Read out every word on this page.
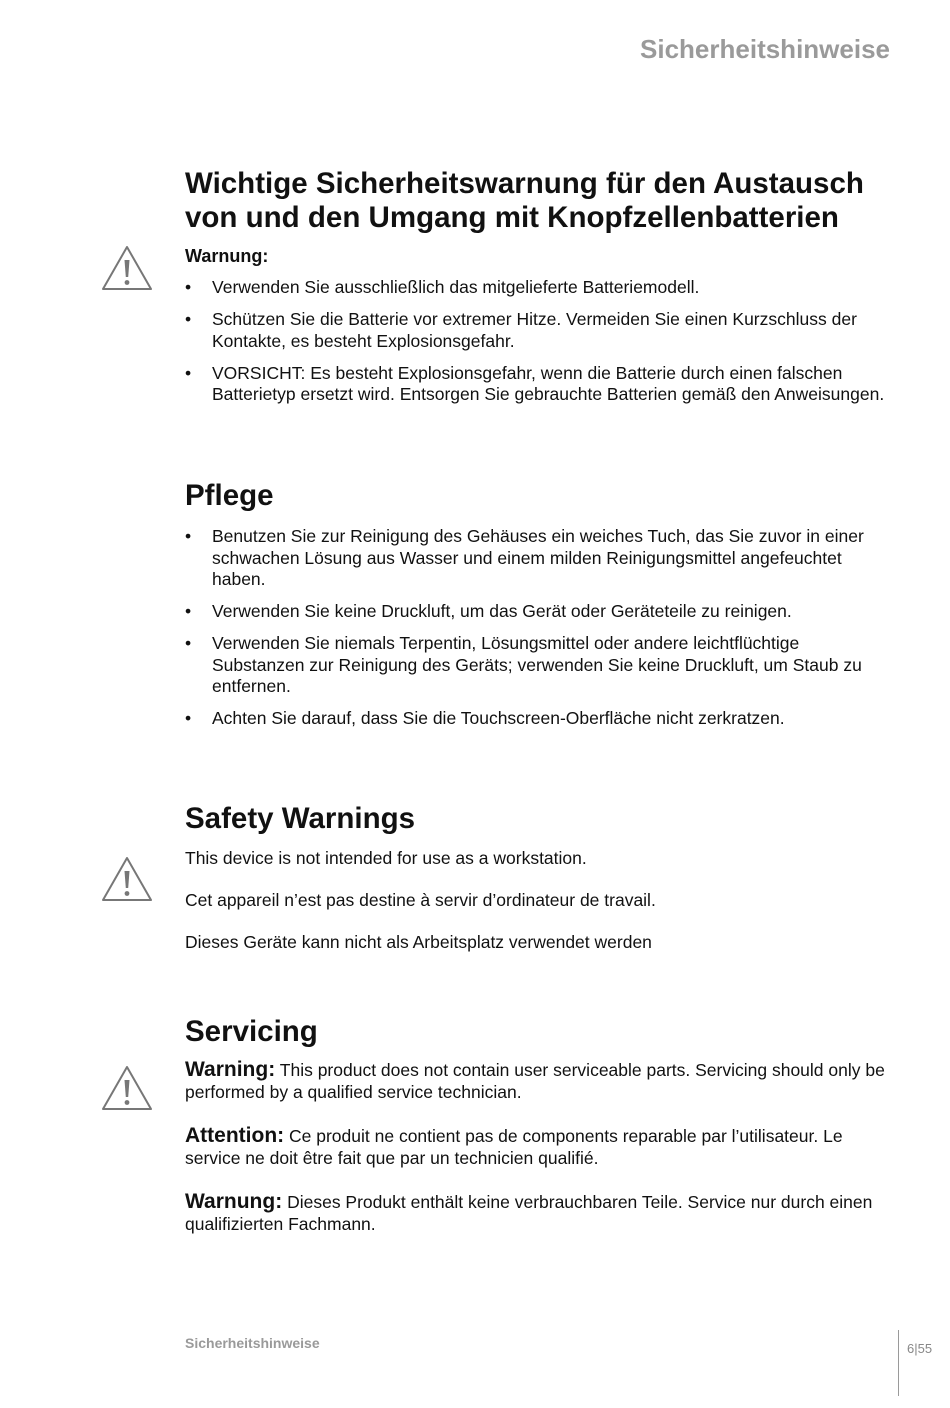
Sicherheitshinweise
Wichtige Sicherheitswarnung für den Austausch von und den Umgang mit Knopfzellenbatterien
Warnung:
• Verwenden Sie ausschließlich das mitgelieferte Batteriemodell.
• Schützen Sie die Batterie vor extremer Hitze. Vermeiden Sie einen Kurzschluss der Kontakte, es besteht Explosionsgefahr.
• VORSICHT: Es besteht Explosionsgefahr, wenn die Batterie durch einen falschen Batterietyp ersetzt wird. Entsorgen Sie gebrauchte Batterien gemäß den Anweisungen.
Pflege
• Benutzen Sie zur Reinigung des Gehäuses ein weiches Tuch, das Sie zuvor in einer schwachen Lösung aus Wasser und einem milden Reinigungsmittel angefeuchtet haben.
• Verwenden Sie keine Druckluft, um das Gerät oder Geräteteile zu reinigen.
• Verwenden Sie niemals Terpentin, Lösungsmittel oder andere leichtflüchtige Substanzen zur Reinigung des Geräts; verwenden Sie keine Druckluft, um Staub zu entfernen.
• Achten Sie darauf, dass Sie die Touchscreen-Oberfläche nicht zerkratzen.
Safety Warnings
This device is not intended for use as a workstation.
Cet appareil n’est pas destine à servir d’ordinateur de travail.
Dieses Geräte kann nicht als Arbeitsplatz verwendet werden
Servicing
Warning: This product does not contain user serviceable parts. Servicing should only be performed by a qualified service technician.
Attention: Ce produit ne contient pas de components reparable par l’utilisateur. Le service ne doit être fait que par un technicien qualifié.
Warnung: Dieses Produkt enthält keine verbrauchbaren Teile. Service nur durch einen qualifizierten Fachmann.
Sicherheitshinweise	6|55
